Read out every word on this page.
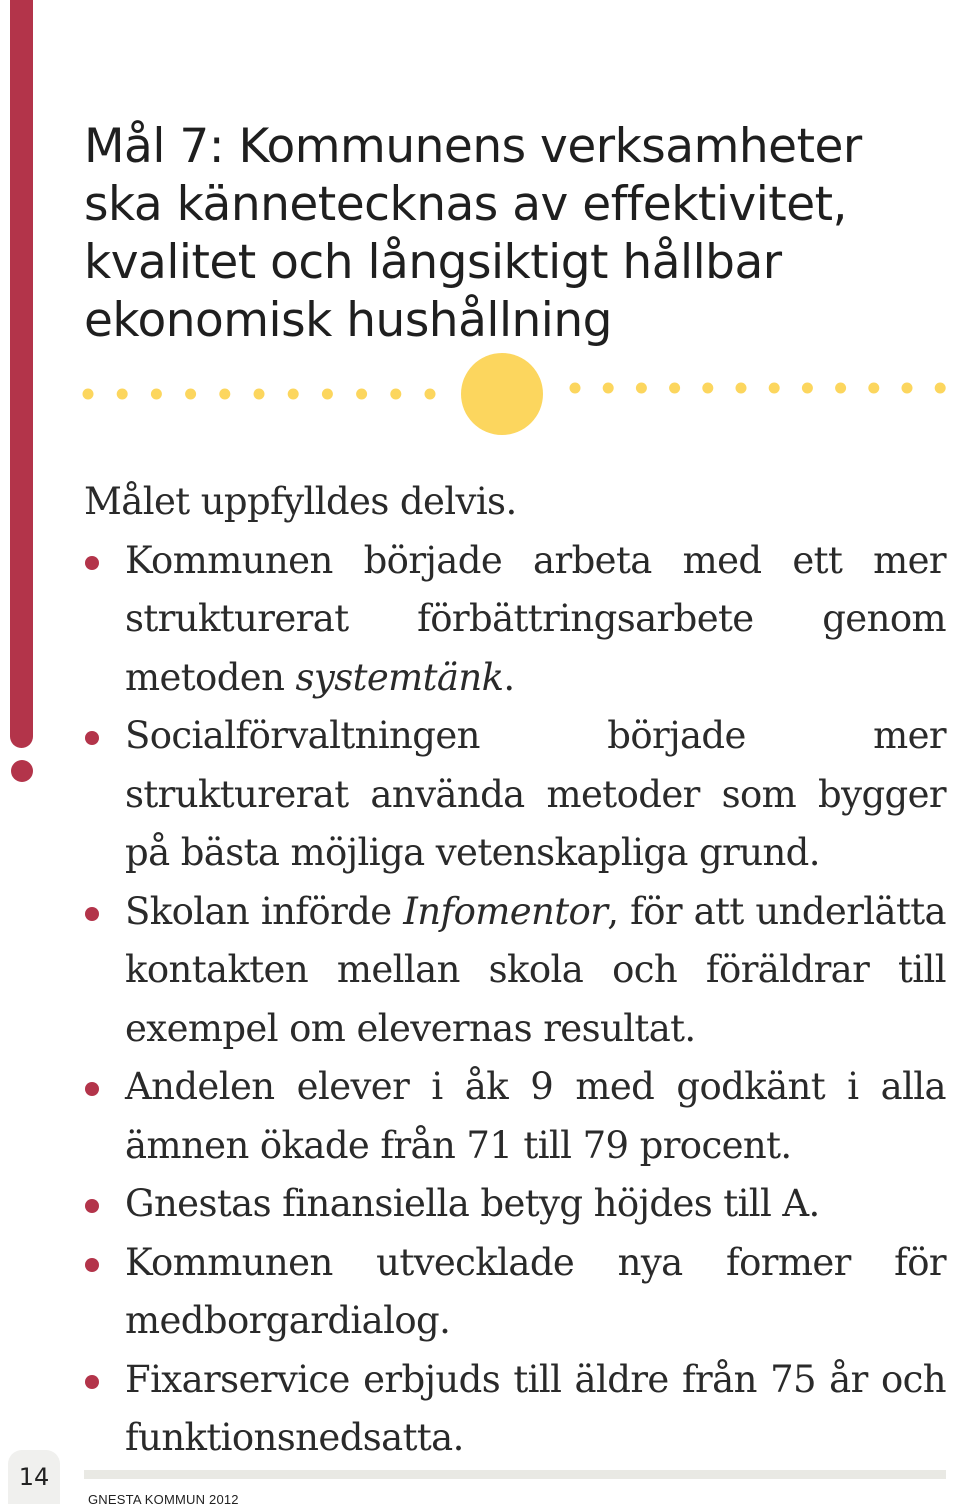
Mål 7: Kommunens verksamheter ska kännetecknas av effektivitet, kvalitet och långsiktigt hållbar ekonomisk hushållning

Målet uppfylldes delvis.

Kommunen började arbeta med ett mer strukturerat förbättringsarbete genom metoden systemtänk.
Socialförvaltningen började mer strukturerat använda metoder som bygger på bästa möjliga vetenskapliga grund.
Skolan införde Infomentor, för att underlätta kontakten mellan skola och föräldrar till exempel om elevernas resultat.
Andelen elever i åk 9 med godkänt i alla ämnen ökade från 71 till 79 procent.
Gnestas finansiella betyg höjdes till A.
Kommunen utvecklade nya former för medborgardialog.
Fixarservice erbjuds till äldre från 75 år och funktionsnedsatta.
14
GNESTA KOMMUN 2012
